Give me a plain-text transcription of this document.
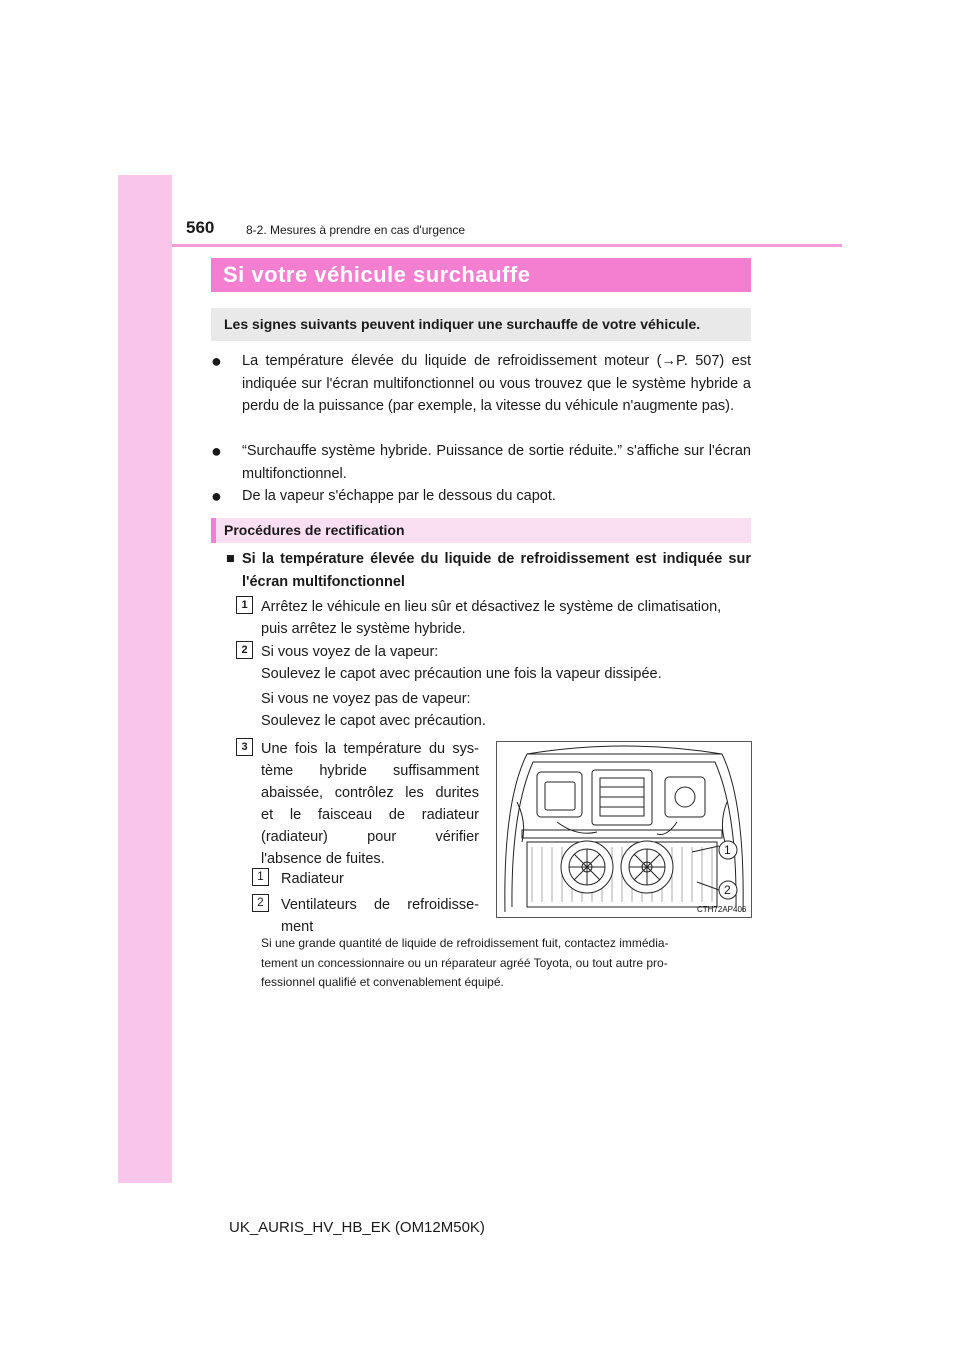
560	8-2. Mesures à prendre en cas d'urgence
Si votre véhicule surchauffe
Les signes suivants peuvent indiquer une surchauffe de votre véhicule.
● La température élevée du liquide de refroidissement moteur (→P. 507) est indiquée sur l'écran multifonctionnel ou vous trouvez que le système hybride a perdu de la puissance (par exemple, la vitesse du véhicule n'augmente pas).
● “Surchauffe système hybride. Puissance de sortie réduite.” s'affiche sur l'écran multifonctionnel.
● De la vapeur s'échappe par le dessous du capot.
Procédures de rectification
■ Si la température élevée du liquide de refroidissement est indiquée sur l'écran multifonctionnel
1 Arrêtez le véhicule en lieu sûr et désactivez le système de climatisation,
puis arrêtez le système hybride.
2 Si vous voyez de la vapeur:
Soulevez le capot avec précaution une fois la vapeur dissipée.
Si vous ne voyez pas de vapeur:
Soulevez le capot avec précaution.
3 Une fois la température du sys-
tème hybride suffisamment
abaissée, contrôlez les durites
et le faisceau de radiateur
(radiateur) pour vérifier
l'absence de fuites.
1	Radiateur
2	Ventilateurs de refroidisse-
ment
1
2
CTH72AP406
Si une grande quantité de liquide de refroidissement fuit, contactez immédia-
tement un concessionnaire ou un réparateur agréé Toyota, ou tout autre pro-
fessionnel qualifié et convenablement équipé.
UK_AURIS_HV_HB_EK (OM12M50K)
